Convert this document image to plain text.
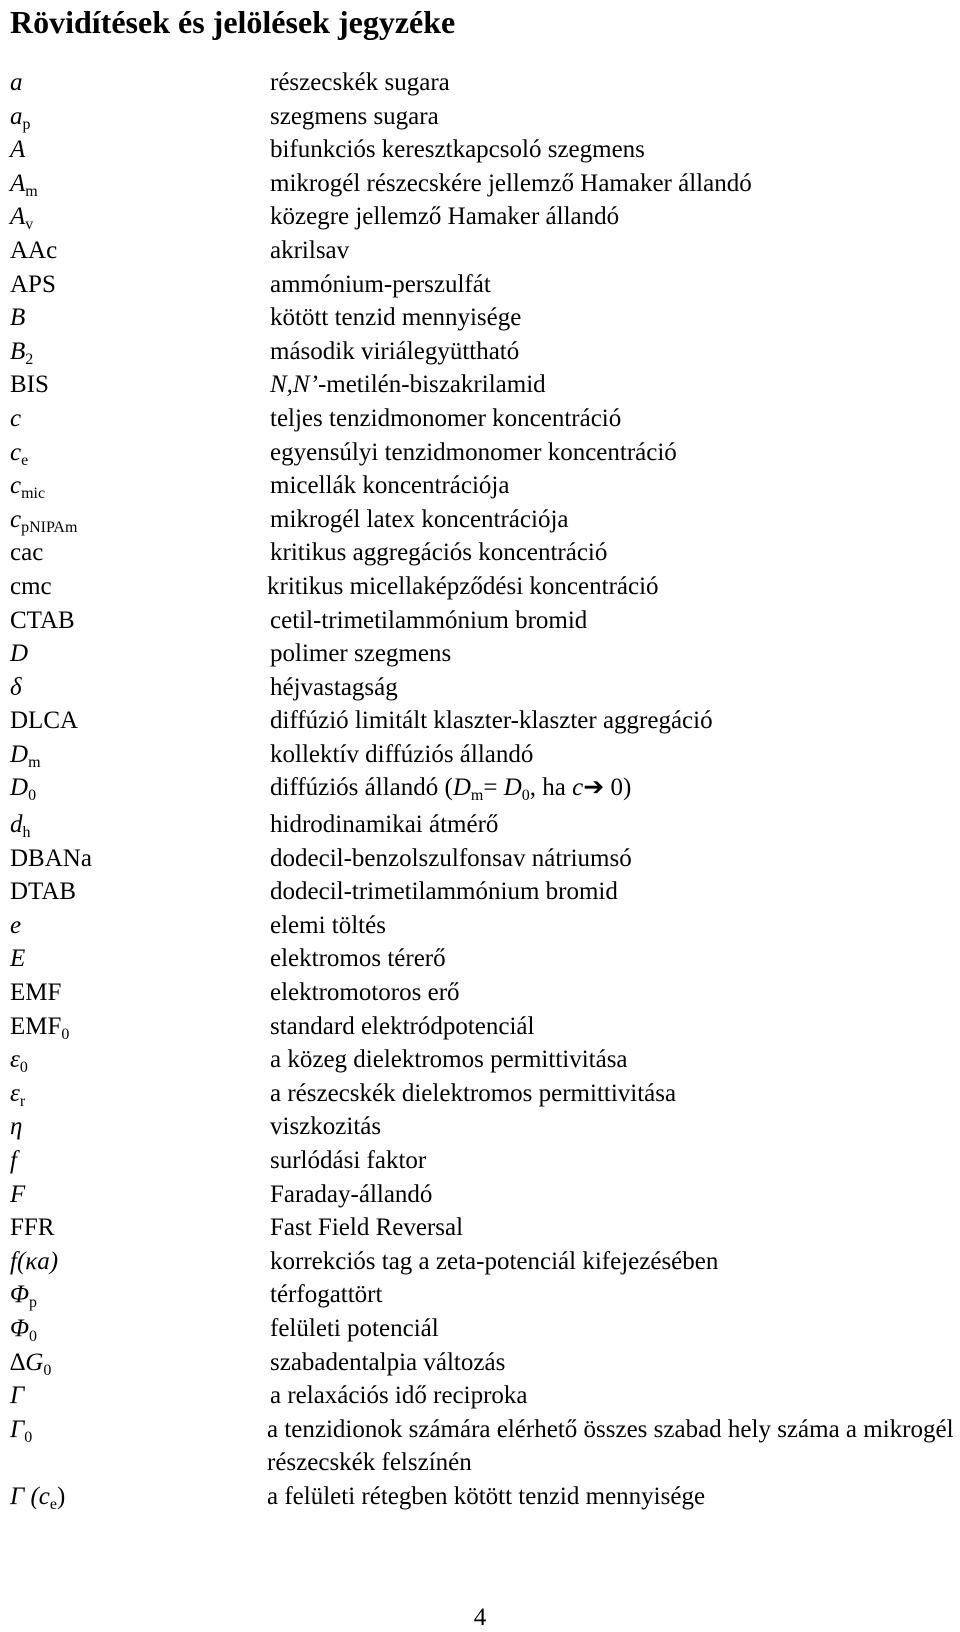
Rövidítések és jelölések jegyzéke
a	részecskék sugara
$a_p$	szegmens sugara
A	bifunkciós keresztkapcsoló szegmens
$A_m$	mikrogél részecskére jellemző Hamaker állandó
$A_v$	közegre jellemző Hamaker állandó
AAc	akrilsav
APS	ammónium-perszulfát
B	kötött tenzid mennyisége
$B_2$	második viriálegyüttható
BIS	N,N’-metilén-biszakrilamid
c	teljes tenzidmonomer koncentráció
$c_e$	egyensúlyi tenzidmonomer koncentráció
$c_{mic}$	micellák koncentrációja
$c_{pNIPAm}$	mikrogél latex koncentrációja
cac	kritikus aggregációs koncentráció
cmc	kritikus micellaképződési koncentráció
CTAB	cetil-trimetilammónium bromid
D	polimer szegmens
δ	héjvastagság
DLCA	diffúzió limitált klaszter-klaszter aggregáció
$D_m$	kollektív diffúziós állandó
$D_0$	diffúziós állandó ($D_m= D_0$, ha c➔ 0)
$d_h$	hidrodinamikai átmérő
DBANa	dodecil-benzolszulfonsav nátriumsó
DTAB	dodecil-trimetilammónium bromid
e	elemi töltés
E	elektromos térerő
EMF	elektromotoros erő
$EMF_0$	standard elektródpotenciál
$\varepsilon_0$	a közeg dielektromos permittivitása
$\varepsilon_r$	a részecskék dielektromos permittivitása
η	viszkozitás
f	surlódási faktor
F	Faraday-állandó
FFR	Fast Field Reversal
f(κa)	korrekciós tag a zeta-potenciál kifejezésében
$\Phi_p$	térfogattört
$\Phi_0$	felületi potenciál
$\Delta G_0$	szabadentalpia változás
Γ	a relaxációs idő reciproka
$\Gamma_0$	a tenzidionok számára elérhető összes szabad hely száma a mikrogél részecskék felszínén
Γ $(c_e)$	a felületi rétegben kötött tenzid mennyisége
4
